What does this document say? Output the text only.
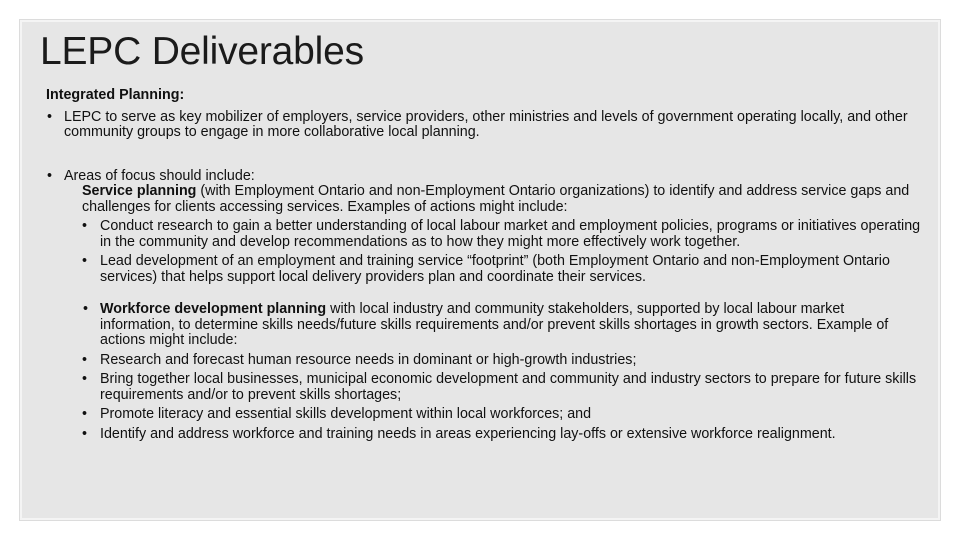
LEPC Deliverables

Integrated Planning:

• LEPC to serve as key mobilizer of employers, service providers, other ministries and levels of government operating locally, and other community groups to engage in more collaborative local planning.

• Areas of focus should include:

Service planning (with Employment Ontario and non-Employment Ontario organizations) to identify and address service gaps and challenges for clients accessing services. Examples of actions might include:

• Conduct research to gain a better understanding of local labour market and employment policies, programs or initiatives operating in the community and develop recommendations as to how they might more effectively work together.

• Lead development of an employment and training service “footprint” (both Employment Ontario and non-Employment Ontario services) that helps support local delivery providers plan and coordinate their services.

• Workforce development planning with local industry and community stakeholders, supported by local labour market information, to determine skills needs/future skills requirements and/or prevent skills shortages in growth sectors. Example of actions might include:

• Research and forecast human resource needs in dominant or high-growth industries;

• Bring together local businesses, municipal economic development and community and industry sectors to prepare for future skills requirements and/or to prevent skills shortages;

• Promote literacy and essential skills development within local workforces; and

• Identify and address workforce and training needs in areas experiencing lay-offs or extensive workforce realignment.
